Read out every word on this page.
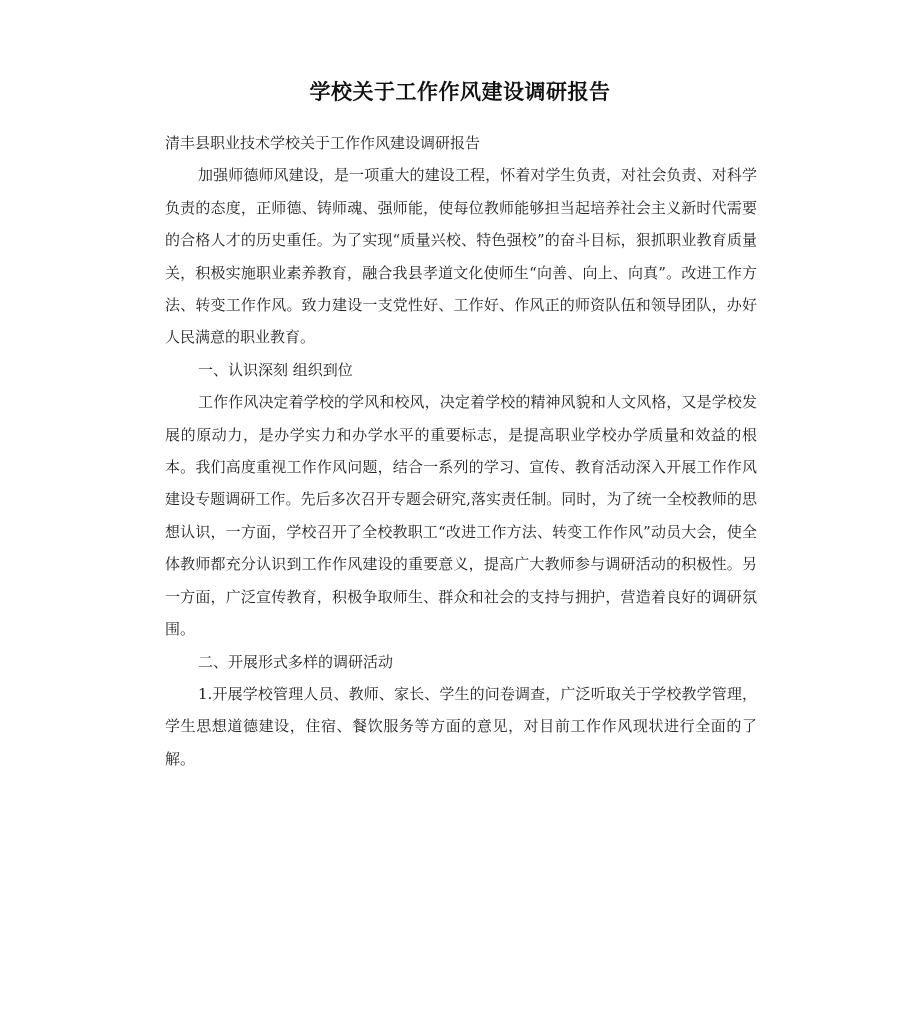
学校关于工作作风建设调研报告

清丰县职业技术学校关于工作作风建设调研报告

加强师德师风建设，是一项重大的建设工程，怀着对学生负责，对社会负责、对科学负责的态度，正师德、铸师魂、强师能，使每位教师能够担当起培养社会主义新时代需要的合格人才的历史重任。为了实现“质量兴校、特色强校”的奋斗目标，狠抓职业教育质量关，积极实施职业素养教育，融合我县孝道文化使师生“向善、向上、向真”。改进工作方法、转变工作作风。致力建设一支党性好、工作好、作风正的师资队伍和领导团队，办好人民满意的职业教育。

一、认识深刻 组织到位

工作作风决定着学校的学风和校风，决定着学校的精神风貌和人文风格，又是学校发展的原动力，是办学实力和办学水平的重要标志，是提高职业学校办学质量和效益的根本。我们高度重视工作作风问题，结合一系列的学习、宣传、教育活动深入开展工作作风建设专题调研工作。先后多次召开专题会研究,落实责任制。同时，为了统一全校教师的思想认识，一方面，学校召开了全校教职工“改进工作方法、转变工作作风”动员大会，使全体教师都充分认识到工作作风建设的重要意义，提高广大教师参与调研活动的积极性。另一方面，广泛宣传教育，积极争取师生、群众和社会的支持与拥护，营造着良好的调研氛围。

二、开展形式多样的调研活动

1.开展学校管理人员、教师、家长、学生的问卷调查，广泛听取关于学校教学管理，学生思想道德建设，住宿、餐饮服务等方面的意见，对目前工作作风现状进行全面的了解。
